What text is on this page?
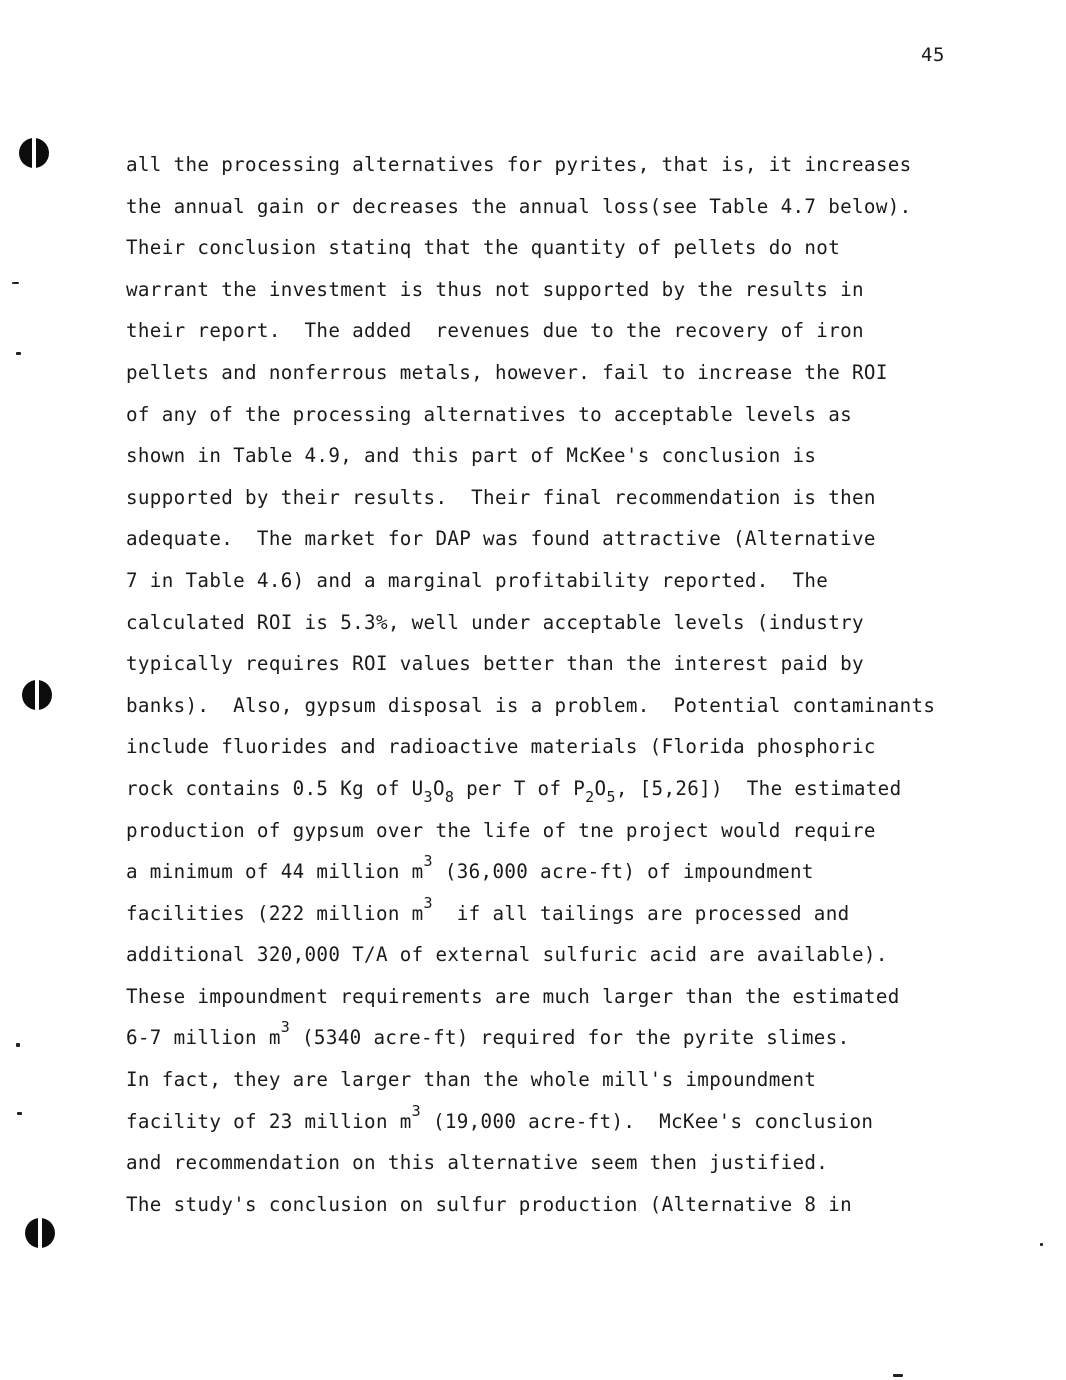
45
all the processing alternatives for pyrites, that is, it increases
the annual gain or decreases the annual loss(see Table 4.7 below).
Their conclusion statinq that the quantity of pellets do not
warrant the investment is thus not supported by the results in
their report.  The added  revenues due to the recovery of iron
pellets and nonferrous metals, however. fail to increase the ROI
of any of the processing alternatives to acceptable levels as
shown in Table 4.9, and this part of McKee's conclusion is
supported by their results.  Their final recommendation is then
adequate.  The market for DAP was found attractive (Alternative
7 in Table 4.6) and a marginal profitability reported.  The
calculated ROI is 5.3%, well under acceptable levels (industry
typically requires ROI values better than the interest paid by
banks).  Also, gypsum disposal is a problem.  Potential contaminants
include fluorides and radioactive materials (Florida phosphoric
rock contains 0.5 Kg of $U_3O_8$ per T of $P_2O_5$, [5,26])  The estimated
production of gypsum over the life of tne project would require
a minimum of 44 million $m^3$ (36,000 acre-ft) of impoundment
facilities (222 million $m^3$  if all tailings are processed and
additional 320,000 T/A of external sulfuric acid are available).
These impoundment requirements are much larger than the estimated
6-7 million $m^3$ (5340 acre-ft) required for the pyrite slimes.
In fact, they are larger than the whole mill's impoundment
facility of 23 million $m^3$ (19,000 acre-ft).  McKee's conclusion
and recommendation on this alternative seem then justified.
The study's conclusion on sulfur production (Alternative 8 in
